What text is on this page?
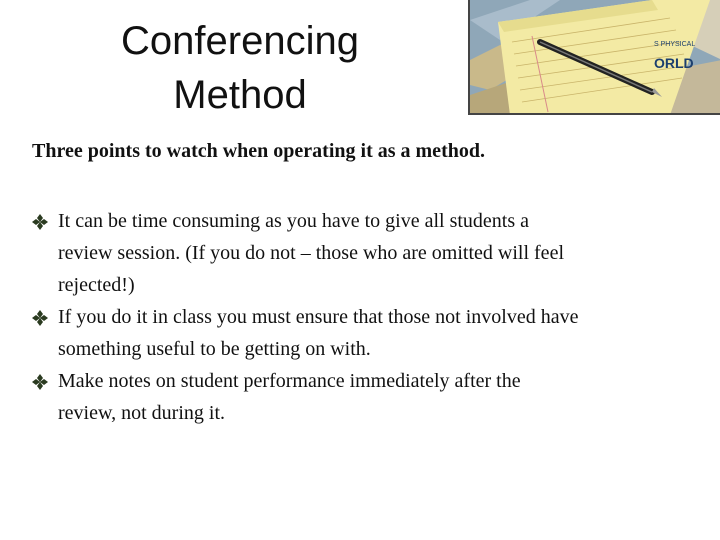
Conferencing
Method
S PHYSICAL
ORLD
Three points to watch when operating it as a method.
It can be time consuming as you have to give all students a
review session. (If you do not – those who are omitted will feel
rejected!)
If you do it in class you must ensure that those not involved have
something useful to be getting on with.
Make notes on student performance immediately after the
review, not during it.
